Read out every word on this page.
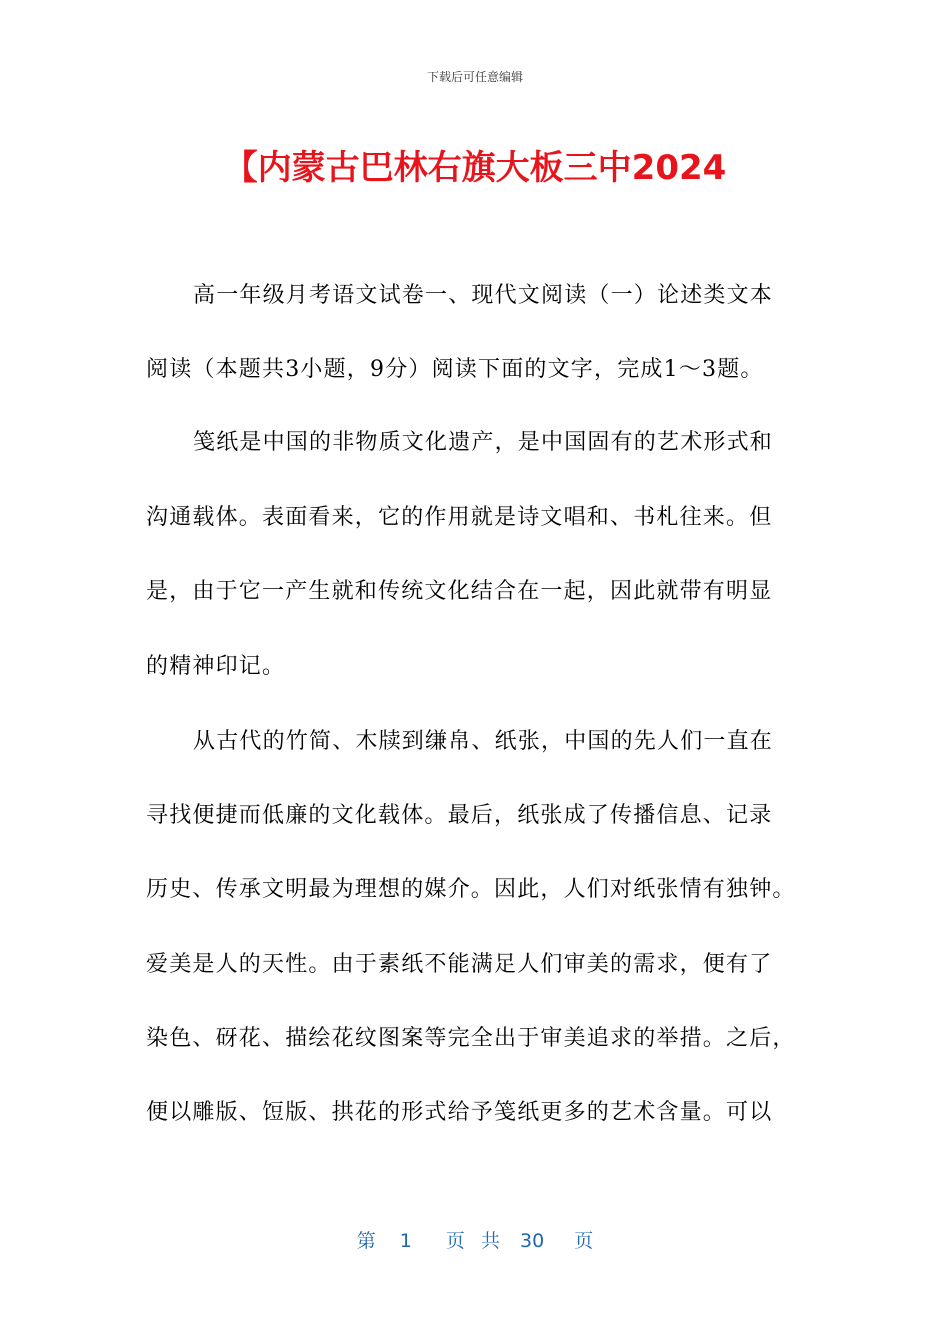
下载后可任意编辑
【内蒙古巴林右旗大板三中2024
高一年级月考语文试卷一、现代文阅读（一）论述类文本
阅读（本题共3小题，9分）阅读下面的文字，完成1～3题。
笺纸是中国的非物质文化遗产，是中国固有的艺术形式和
沟通载体。表面看来，它的作用就是诗文唱和、书札往来。但
是，由于它一产生就和传统文化结合在一起，因此就带有明显
的精神印记。
从古代的竹简、木牍到缣帛、纸张，中国的先人们一直在
寻找便捷而低廉的文化载体。最后，纸张成了传播信息、记录
历史、传承文明最为理想的媒介。因此，人们对纸张情有独钟。
爱美是人的天性。由于素纸不能满足人们审美的需求，便有了
染色、砑花、描绘花纹图案等完全出于审美追求的举措。之后，
便以雕版、饾版、拱花的形式给予笺纸更多的艺术含量。可以
第 1 页 共 30 页
